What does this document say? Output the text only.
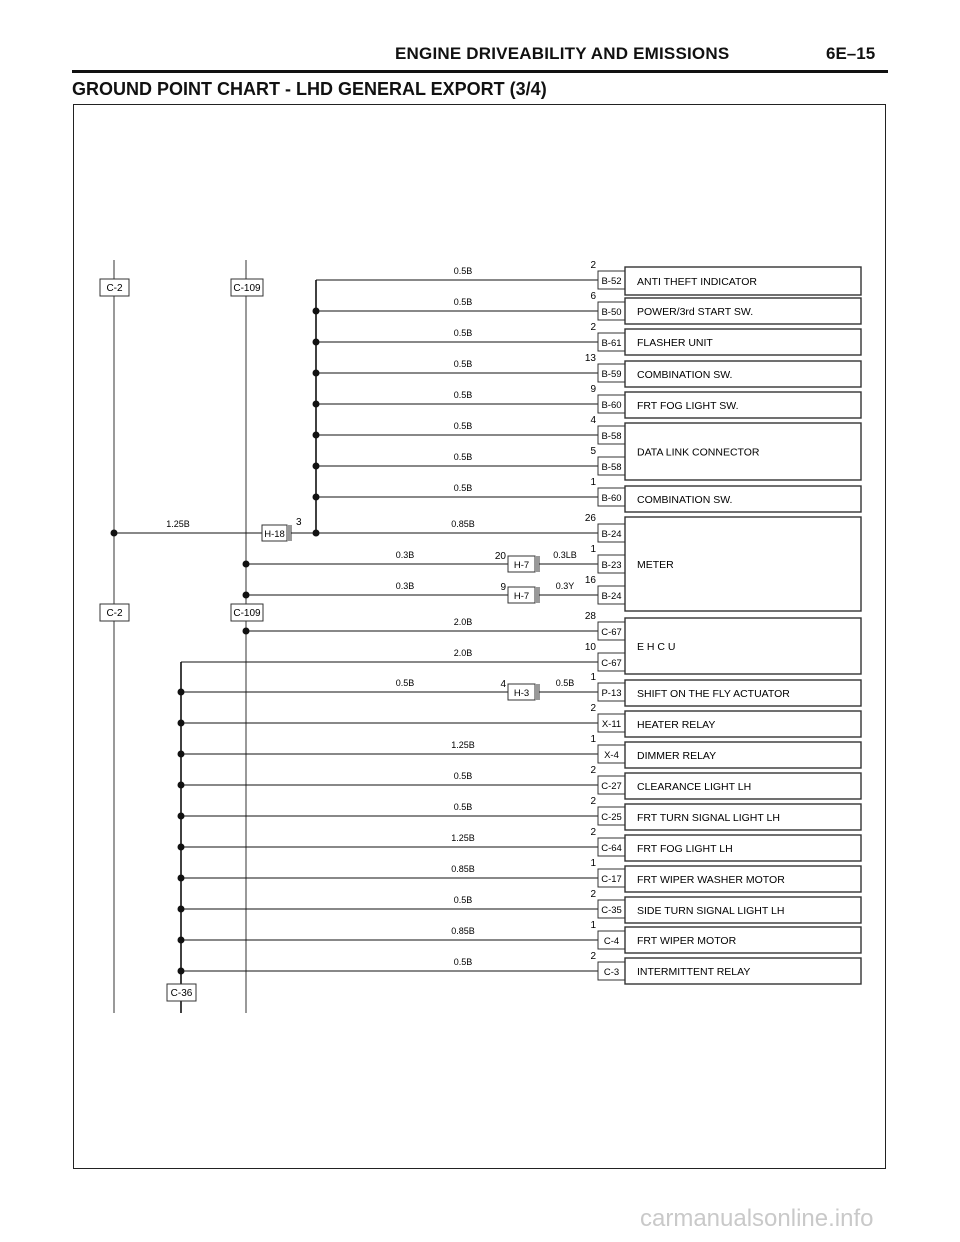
ENGINE DRIVEABILITY AND EMISSIONS	6E–15
GROUND POINT CHART - LHD GENERAL EXPORT (3/4)
C-2
C-2
C-109
C-109
C-36
1.25B
H-18
3
0.5B
B-52
2
0.5B
B-50
6
0.5B
B-61
2
0.5B
B-59
13
0.5B
B-60
9
0.5B
B-58
4
0.5B
B-58
5
0.5B
B-60
1
0.85B
B-24
26
H-7
20
0.3B	0.3LB
B-23
1
H-7
9
0.3B	0.3Y
B-24
16
2.0B
C-67
28
2.0B
C-67
10
H-3
4
0.5B	0.5B
P-13
1
X-11
2
1.25B
X-4
1
0.5B
C-27
2
0.5B
C-25
2
1.25B
C-64
2
0.85B
C-17
1
0.5B
C-35
2
0.85B
C-4
1
0.5B
C-3
2
ANTI THEFT INDICATOR
POWER/3rd START SW.
FLASHER UNIT
COMBINATION SW.
FRT FOG LIGHT SW.
DATA LINK CONNECTOR
COMBINATION SW.
METER
E H C U
SHIFT ON THE FLY ACTUATOR
HEATER RELAY
DIMMER RELAY
CLEARANCE LIGHT LH
FRT TURN SIGNAL LIGHT LH
FRT FOG LIGHT LH
FRT WIPER WASHER MOTOR
SIDE TURN SIGNAL LIGHT LH
FRT WIPER MOTOR
INTERMITTENT RELAY
carmanualsonline.info
